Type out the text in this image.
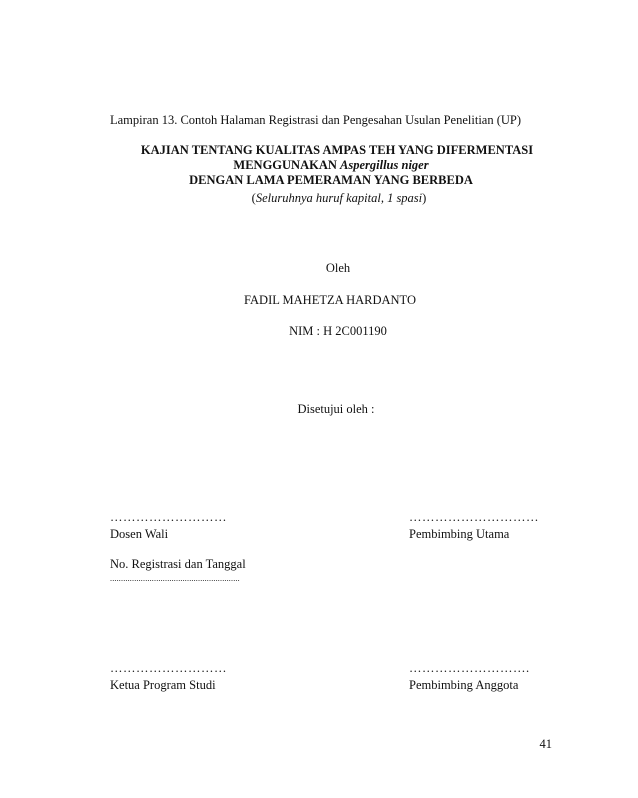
Lampiran 13. Contoh Halaman Registrasi dan Pengesahan Usulan Penelitian (UP)
KAJIAN TENTANG KUALITAS AMPAS TEH YANG DIFERMENTASI
MENGGUNAKAN Aspergillus niger
DENGAN LAMA PEMERAMAN YANG BERBEDA
(Seluruhnya huruf kapital, 1 spasi)
Oleh
FADIL MAHETZA HARDANTO
NIM : H 2C001190
Disetujui oleh :
………………………
Dosen Wali
…………………………
Pembimbing Utama
No. Registrasi dan Tanggal
...........................................................
………………………
Ketua Program Studi
……………………….
Pembimbing Anggota
41
